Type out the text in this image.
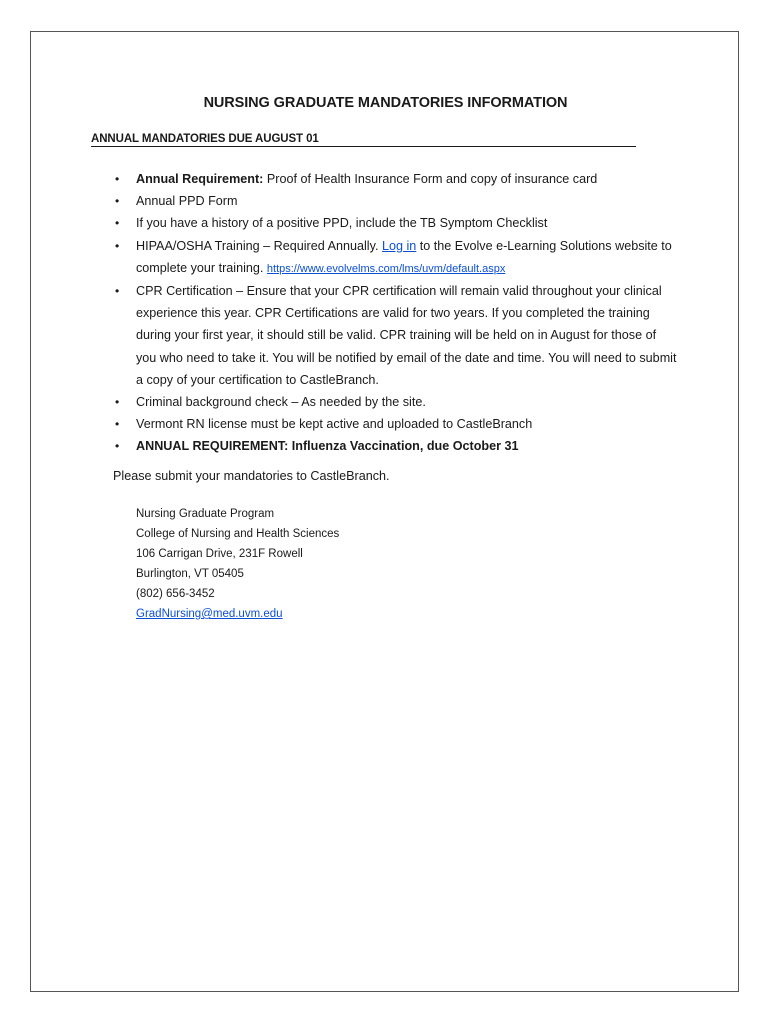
NURSING GRADUATE MANDATORIES INFORMATION
ANNUAL MANDATORIES DUE AUGUST 01
• Annual Requirement: Proof of Health Insurance Form and copy of insurance card
• Annual PPD Form
• If you have a history of a positive PPD, include the TB Symptom Checklist
• HIPAA/OSHA Training – Required Annually. Log in to the Evolve e-Learning Solutions website to complete your training. https://www.evolvelms.com/lms/uvm/default.aspx
• CPR Certification – Ensure that your CPR certification will remain valid throughout your clinical experience this year. CPR Certifications are valid for two years. If you completed the training during your first year, it should still be valid. CPR training will be held on in August for those of you who need to take it. You will be notified by email of the date and time. You will need to submit a copy of your certification to CastleBranch.
• Criminal background check – As needed by the site.
• Vermont RN license must be kept active and uploaded to CastleBranch
• ANNUAL REQUIREMENT: Influenza Vaccination, due October 31
Please submit your mandatories to CastleBranch.
Nursing Graduate Program
College of Nursing and Health Sciences
106 Carrigan Drive, 231F Rowell
Burlington, VT 05405
(802) 656-3452
GradNursing@med.uvm.edu
